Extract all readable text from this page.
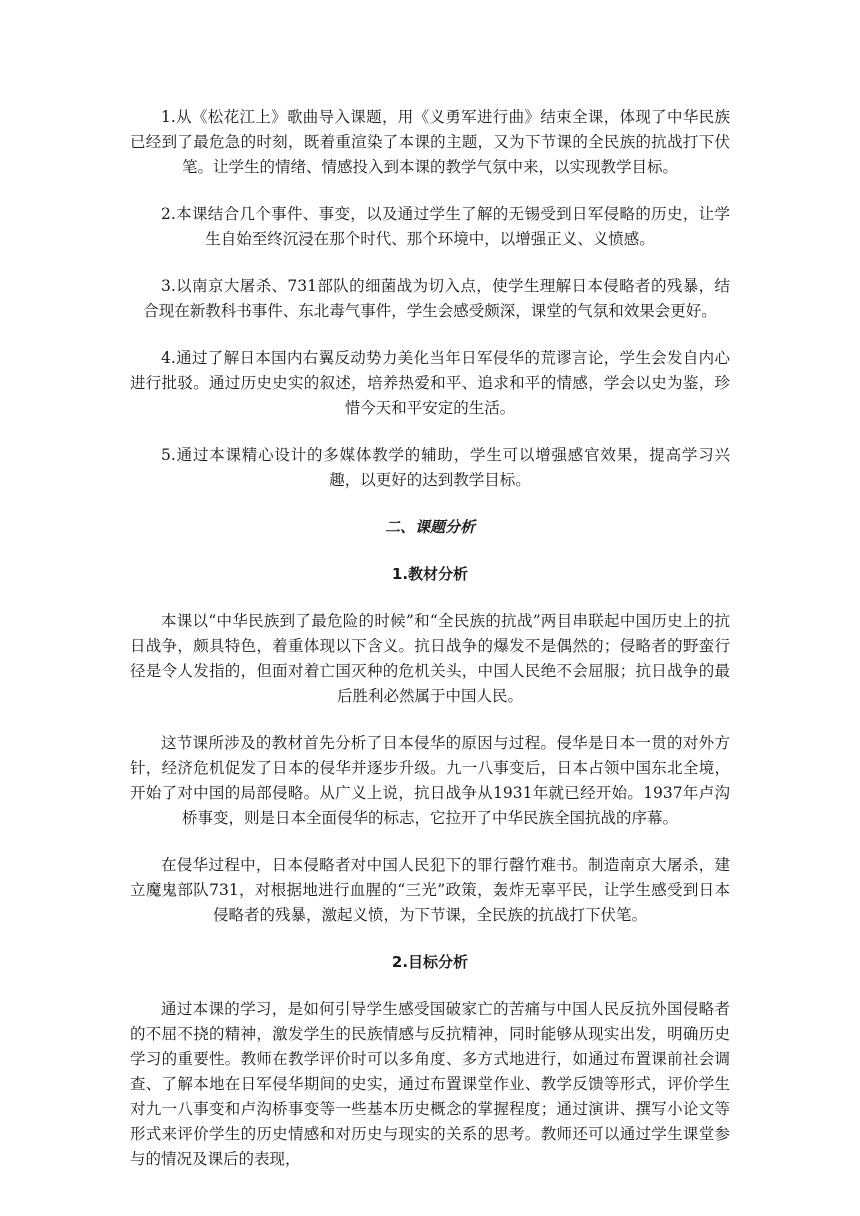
1.从《松花江上》歌曲导入课题，用《义勇军进行曲》结束全课，体现了中华民族已经到了最危急的时刻，既着重渲染了本课的主题，又为下节课的全民族的抗战打下伏笔。让学生的情绪、情感投入到本课的教学气氛中来，以实现教学目标。

2.本课结合几个事件、事变，以及通过学生了解的无锡受到日军侵略的历史，让学生自始至终沉浸在那个时代、那个环境中，以增强正义、义愤感。

3.以南京大屠杀、731部队的细菌战为切入点，使学生理解日本侵略者的残暴，结合现在新教科书事件、东北毒气事件，学生会感受颇深，课堂的气氛和效果会更好。

4.通过了解日本国内右翼反动势力美化当年日军侵华的荒谬言论，学生会发自内心进行批驳。通过历史史实的叙述，培养热爱和平、追求和平的情感，学会以史为鉴，珍惜今天和平安定的生活。

5.通过本课精心设计的多媒体教学的辅助，学生可以增强感官效果，提高学习兴趣，以更好的达到教学目标。

二、课题分析
1.教材分析

本课以“中华民族到了最危险的时候”和“全民族的抗战”两目串联起中国历史上的抗日战争，颇具特色，着重体现以下含义。抗日战争的爆发不是偶然的；侵略者的野蛮行径是令人发指的，但面对着亡国灭种的危机关头，中国人民绝不会屈服；抗日战争的最后胜利必然属于中国人民。

这节课所涉及的教材首先分析了日本侵华的原因与过程。侵华是日本一贯的对外方针，经济危机促发了日本的侵华并逐步升级。九一八事变后，日本占领中国东北全境，开始了对中国的局部侵略。从广义上说，抗日战争从1931年就已经开始。1937年卢沟桥事变，则是日本全面侵华的标志，它拉开了中华民族全国抗战的序幕。

在侵华过程中，日本侵略者对中国人民犯下的罪行罄竹难书。制造南京大屠杀，建立魔鬼部队731，对根据地进行血腥的“三光”政策，轰炸无辜平民，让学生感受到日本侵略者的残暴，激起义愤，为下节课，全民族的抗战打下伏笔。

2.目标分析

通过本课的学习，是如何引导学生感受国破家亡的苦痛与中国人民反抗外国侵略者的不屈不挠的精神，激发学生的民族情感与反抗精神，同时能够从现实出发，明确历史学习的重要性。教师在教学评价时可以多角度、多方式地进行，如通过布置课前社会调查、了解本地在日军侵华期间的史实，通过布置课堂作业、教学反馈等形式，评价学生对九一八事变和卢沟桥事变等一些基本历史概念的掌握程度；通过演讲、撰写小论文等形式来评价学生的历史情感和对历史与现实的关系的思考。教师还可以通过学生课堂参与的情况及课后的表现，
